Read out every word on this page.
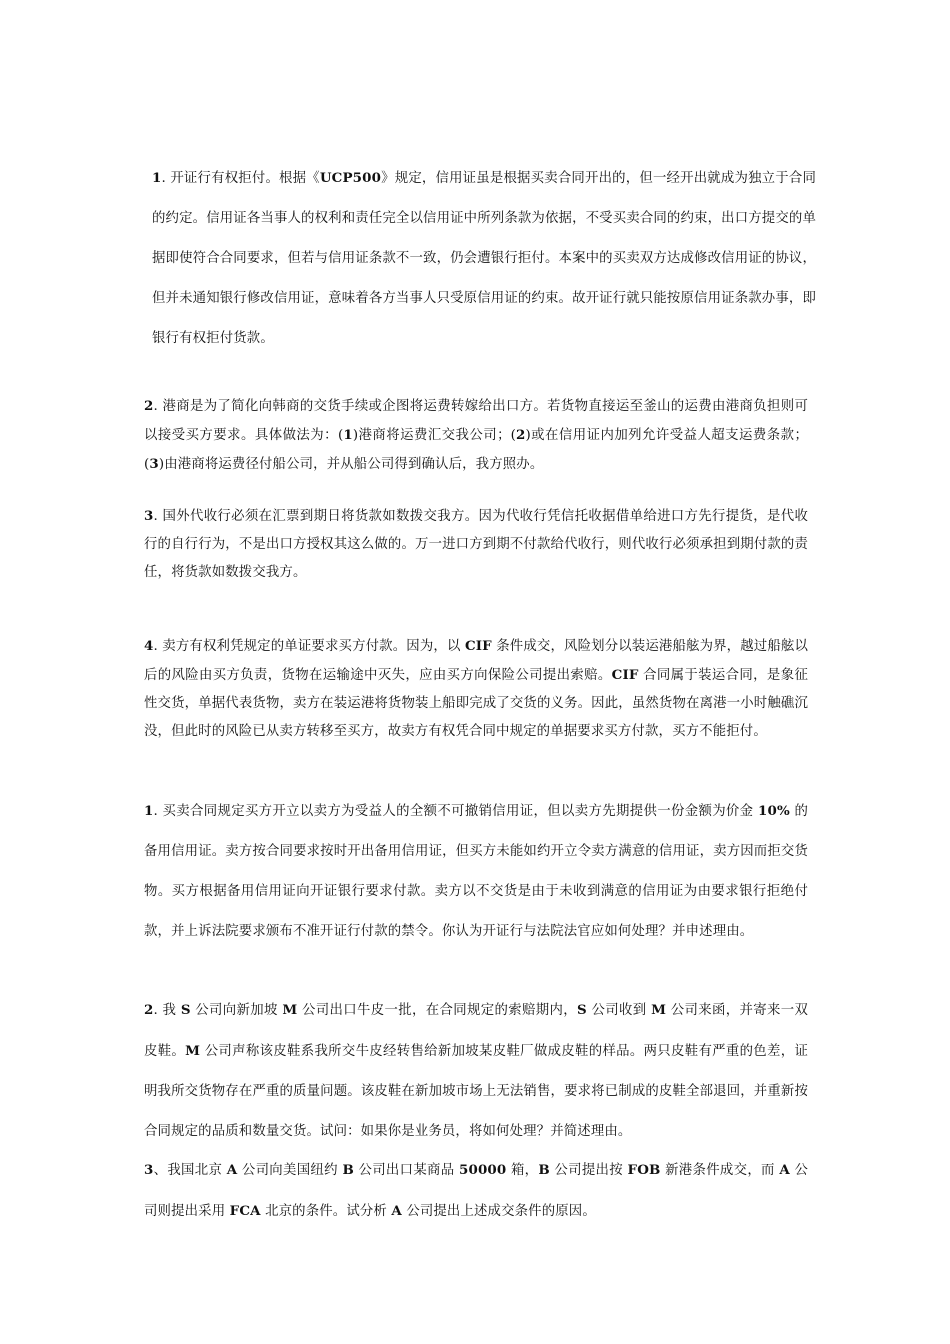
1. 开证行有权拒付。根据《UCP500》规定，信用证虽是根据买卖合同开出的，但一经开出就成为独立于合同的约定。信用证各当事人的权利和责任完全以信用证中所列条款为依据，不受买卖合同的约束，出口方提交的单据即使符合合同要求，但若与信用证条款不一致，仍会遭银行拒付。本案中的买卖双方达成修改信用证的协议，但并未通知银行修改信用证，意味着各方当事人只受原信用证的约束。故开证行就只能按原信用证条款办事，即银行有权拒付货款。

2. 港商是为了简化向韩商的交货手续或企图将运费转嫁给出口方。若货物直接运至釜山的运费由港商负担则可以接受买方要求。具体做法为：(1)港商将运费汇交我公司；(2)或在信用证内加列允许受益人超支运费条款；(3)由港商将运费径付船公司，并从船公司得到确认后，我方照办。

3. 国外代收行必须在汇票到期日将货款如数拨交我方。因为代收行凭信托收据借单给进口方先行提货，是代收行的自行行为，不是出口方授权其这么做的。万一进口方到期不付款给代收行，则代收行必须承担到期付款的责任，将货款如数拨交我方。

4. 卖方有权利凭规定的单证要求买方付款。因为，以 CIF 条件成交，风险划分以装运港船舷为界，越过船舷以后的风险由买方负责，货物在运输途中灭失，应由买方向保险公司提出索赔。CIF 合同属于装运合同，是象征性交货，单据代表货物，卖方在装运港将货物装上船即完成了交货的义务。因此，虽然货物在离港一小时触礁沉没，但此时的风险已从卖方转移至买方，故卖方有权凭合同中规定的单据要求买方付款，买方不能拒付。

1. 买卖合同规定买方开立以卖方为受益人的全额不可撤销信用证，但以卖方先期提供一份金额为价金 10% 的备用信用证。卖方按合同要求按时开出备用信用证，但买方未能如约开立令卖方满意的信用证，卖方因而拒交货物。买方根据备用信用证向开证银行要求付款。卖方以不交货是由于未收到满意的信用证为由要求银行拒绝付款，并上诉法院要求颁布不准开证行付款的禁令。你认为开证行与法院法官应如何处理？并申述理由。

2. 我 S 公司向新加坡 M 公司出口牛皮一批，在合同规定的索赔期内，S 公司收到 M 公司来函，并寄来一双皮鞋。M 公司声称该皮鞋系我所交牛皮经转售给新加坡某皮鞋厂做成皮鞋的样品。两只皮鞋有严重的色差，证明我所交货物存在严重的质量问题。该皮鞋在新加坡市场上无法销售，要求将已制成的皮鞋全部退回，并重新按合同规定的品质和数量交货。试问：如果你是业务员，将如何处理？并简述理由。

3、我国北京 A 公司向美国纽约 B 公司出口某商品 50000 箱，B 公司提出按 FOB 新港条件成交，而 A 公司则提出采用 FCA 北京的条件。试分析 A 公司提出上述成交条件的原因。
